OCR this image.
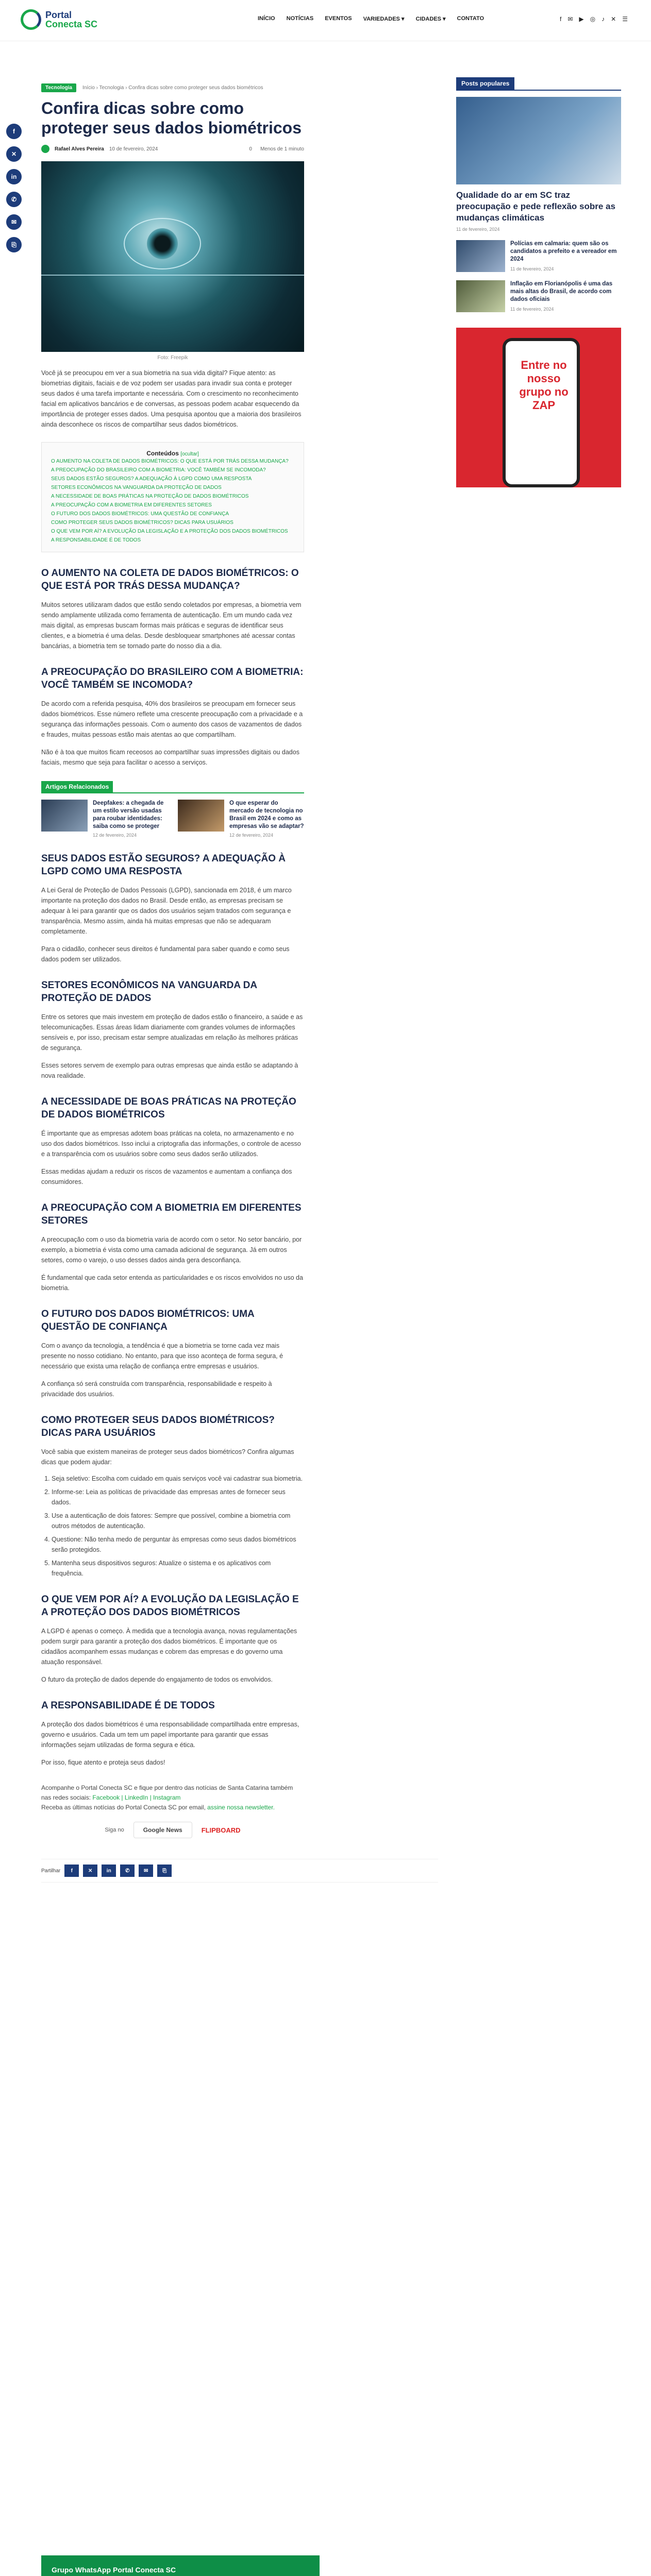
Portal
Conecta SC
INÍCIO NOTÍCIAS EVENTOS VARIEDADES ▾ CIDADES ▾ CONTATO	f ✉ ▶ ◎ ♪ ✕ ☰
f
✕
in
✆
✉
⎘
Tecnologia Início › Tecnologia › Confira dicas sobre como proteger seus dados biométricos
Confira dicas sobre como proteger seus dados biométricos
Rafael Alves Pereira 10 de fevereiro, 2024	0 Menos de 1 minuto
Foto: Freepik

Você já se preocupou em ver a sua biometria na sua vida digital? Fique atento: as biometrias digitais, faciais e de voz podem ser usadas para invadir sua conta e proteger seus dados é uma tarefa importante e necessária. Com o crescimento no reconhecimento facial em aplicativos bancários e de conversas, as pessoas podem acabar esquecendo da importância de proteger esses dados. Uma pesquisa apontou que a maioria dos brasileiros ainda desconhece os riscos de compartilhar seus dados biométricos.

Conteúdos [ocultar]
O AUMENTO NA COLETA DE DADOS BIOMÉTRICOS: O QUE ESTÁ POR TRÁS DESSA MUDANÇA?
A PREOCUPAÇÃO DO BRASILEIRO COM A BIOMETRIA: VOCÊ TAMBÉM SE INCOMODA?
SEUS DADOS ESTÃO SEGUROS? A ADEQUAÇÃO À LGPD COMO UMA RESPOSTA
SETORES ECONÔMICOS NA VANGUARDA DA PROTEÇÃO DE DADOS
A NECESSIDADE DE BOAS PRÁTICAS NA PROTEÇÃO DE DADOS BIOMÉTRICOS
A PREOCUPAÇÃO COM A BIOMETRIA EM DIFERENTES SETORES
O FUTURO DOS DADOS BIOMÉTRICOS: UMA QUESTÃO DE CONFIANÇA
COMO PROTEGER SEUS DADOS BIOMÉTRICOS? DICAS PARA USUÁRIOS
O QUE VEM POR AÍ? A EVOLUÇÃO DA LEGISLAÇÃO E A PROTEÇÃO DOS DADOS BIOMÉTRICOS
A RESPONSABILIDADE É DE TODOS
O AUMENTO NA COLETA DE DADOS BIOMÉTRICOS: O QUE ESTÁ POR TRÁS DESSA MUDANÇA?

Muitos setores utilizaram dados que estão sendo coletados por empresas, a biometria vem sendo amplamente utilizada como ferramenta de autenticação. Em um mundo cada vez mais digital, as empresas buscam formas mais práticas e seguras de identificar seus clientes, e a biometria é uma delas. Desde desbloquear smartphones até acessar contas bancárias, a biometria tem se tornado parte do nosso dia a dia.

A PREOCUPAÇÃO DO BRASILEIRO COM A BIOMETRIA: VOCÊ TAMBÉM SE INCOMODA?

De acordo com a referida pesquisa, 40% dos brasileiros se preocupam em fornecer seus dados biométricos. Esse número reflete uma crescente preocupação com a privacidade e a segurança das informações pessoais. Com o aumento dos casos de vazamentos de dados e fraudes, muitas pessoas estão mais atentas ao que compartilham.

Não é à toa que muitos ficam receosos ao compartilhar suas impressões digitais ou dados faciais, mesmo que seja para facilitar o acesso a serviços.

Artigos Relacionados
Deepfakes: a chegada de um estilo versão usadas para roubar identidades: saiba como se proteger
12 de fevereiro, 2024
O que esperar do mercado de tecnologia no Brasil em 2024 e como as empresas vão se adaptar?
12 de fevereiro, 2024
SEUS DADOS ESTÃO SEGUROS? A ADEQUAÇÃO À LGPD COMO UMA RESPOSTA

A Lei Geral de Proteção de Dados Pessoais (LGPD), sancionada em 2018, é um marco importante na proteção dos dados no Brasil. Desde então, as empresas precisam se adequar à lei para garantir que os dados dos usuários sejam tratados com segurança e transparência. Mesmo assim, ainda há muitas empresas que não se adequaram completamente.

Para o cidadão, conhecer seus direitos é fundamental para saber quando e como seus dados podem ser utilizados.

SETORES ECONÔMICOS NA VANGUARDA DA PROTEÇÃO DE DADOS

Entre os setores que mais investem em proteção de dados estão o financeiro, a saúde e as telecomunicações. Essas áreas lidam diariamente com grandes volumes de informações sensíveis e, por isso, precisam estar sempre atualizadas em relação às melhores práticas de segurança.

Esses setores servem de exemplo para outras empresas que ainda estão se adaptando à nova realidade.

A NECESSIDADE DE BOAS PRÁTICAS NA PROTEÇÃO DE DADOS BIOMÉTRICOS

É importante que as empresas adotem boas práticas na coleta, no armazenamento e no uso dos dados biométricos. Isso inclui a criptografia das informações, o controle de acesso e a transparência com os usuários sobre como seus dados serão utilizados.

Essas medidas ajudam a reduzir os riscos de vazamentos e aumentam a confiança dos consumidores.

A PREOCUPAÇÃO COM A BIOMETRIA EM DIFERENTES SETORES

A preocupação com o uso da biometria varia de acordo com o setor. No setor bancário, por exemplo, a biometria é vista como uma camada adicional de segurança. Já em outros setores, como o varejo, o uso desses dados ainda gera desconfiança.

É fundamental que cada setor entenda as particularidades e os riscos envolvidos no uso da biometria.

O FUTURO DOS DADOS BIOMÉTRICOS: UMA QUESTÃO DE CONFIANÇA

Com o avanço da tecnologia, a tendência é que a biometria se torne cada vez mais presente no nosso cotidiano. No entanto, para que isso aconteça de forma segura, é necessário que exista uma relação de confiança entre empresas e usuários.

A confiança só será construída com transparência, responsabilidade e respeito à privacidade dos usuários.

COMO PROTEGER SEUS DADOS BIOMÉTRICOS? DICAS PARA USUÁRIOS

Você sabia que existem maneiras de proteger seus dados biométricos? Confira algumas dicas que podem ajudar:

1. Seja seletivo: Escolha com cuidado em quais serviços você vai cadastrar sua biometria.
2. Informe-se: Leia as políticas de privacidade das empresas antes de fornecer seus dados.
3. Use a autenticação de dois fatores: Sempre que possível, combine a biometria com outros métodos de autenticação.
4. Questione: Não tenha medo de perguntar às empresas como seus dados biométricos serão protegidos.
5. Mantenha seus dispositivos seguros: Atualize o sistema e os aplicativos com frequência.
O QUE VEM POR AÍ? A EVOLUÇÃO DA LEGISLAÇÃO E A PROTEÇÃO DOS DADOS BIOMÉTRICOS

A LGPD é apenas o começo. À medida que a tecnologia avança, novas regulamentações podem surgir para garantir a proteção dos dados biométricos. É importante que os cidadãos acompanhem essas mudanças e cobrem das empresas e do governo uma atuação responsável.

O futuro da proteção de dados depende do engajamento de todos os envolvidos.

A RESPONSABILIDADE É DE TODOS

A proteção dos dados biométricos é uma responsabilidade compartilhada entre empresas, governo e usuários. Cada um tem um papel importante para garantir que essas informações sejam utilizadas de forma segura e ética.

Por isso, fique atento e proteja seus dados!

Acompanhe o Portal Conecta SC e fique por dentro das notícias de Santa Catarina também nas redes sociais: Facebook | LinkedIn | Instagram
Receba as últimas notícias do Portal Conecta SC por email, assine nossa newsletter.
Siga no	Google News	FLIPBOARD
Partilhar	f	✕	in	✆	✉	⎘
Grupo WhatsApp Portal Conecta SC
Posts populares
Qualidade do ar em SC traz preocupação e pede reflexão sobre as mudanças climáticas
11 de fevereiro, 2024
Polícias em calmaria: quem são os candidatos a prefeito e a vereador em 2024
11 de fevereiro, 2024
Inflação em Florianópolis é uma das mais altas do Brasil, de acordo com dados oficiais
11 de fevereiro, 2024
Entre no nosso grupo no ZAP
